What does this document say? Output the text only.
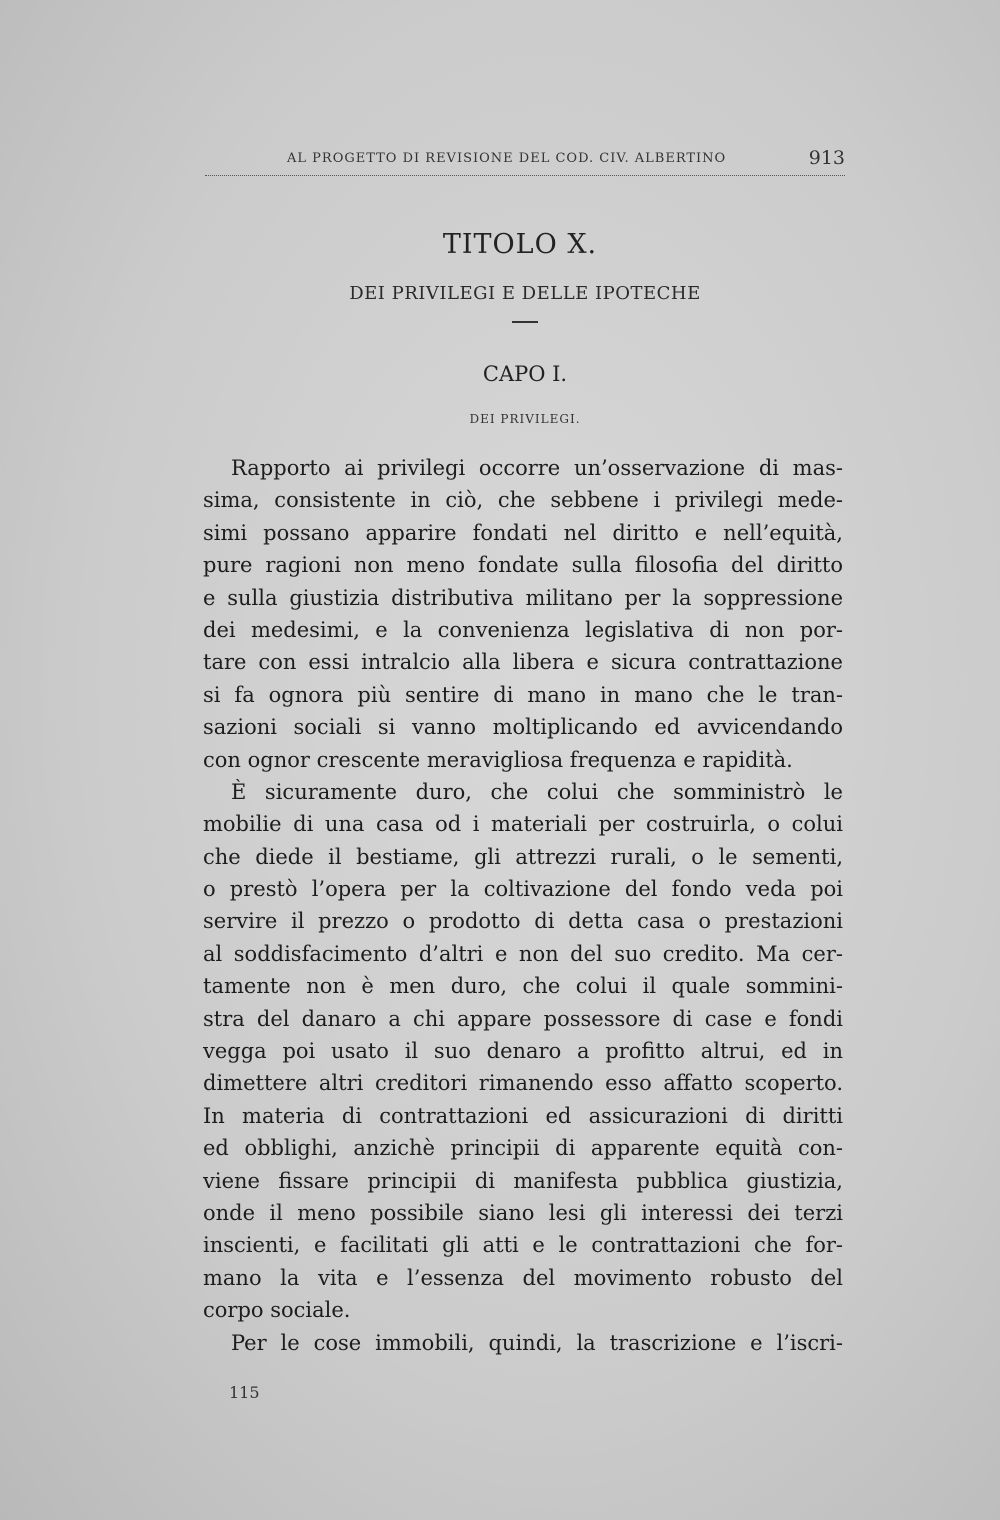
AL PROGETTO DI REVISIONE DEL COD. CIV. ALBERTINO	913
TITOLO X.
DEI PRIVILEGI E DELLE IPOTECHE
CAPO I.
DEI PRIVILEGI.
Rapporto ai privilegi occorre un’osservazione di mas-
sima, consistente in ciò, che sebbene i privilegi mede-
simi possano apparire fondati nel diritto e nell’equità,
pure ragioni non meno fondate sulla filosofia del diritto
e sulla giustizia distributiva militano per la soppressione
dei medesimi, e la convenienza legislativa di non por-
tare con essi intralcio alla libera e sicura contrattazione
si fa ognora più sentire di mano in mano che le tran-
sazioni sociali si vanno moltiplicando ed avvicendando
con ognor crescente meravigliosa frequenza e rapidità.
È sicuramente duro, che colui che somministrò le
mobilie di una casa od i materiali per costruirla, o colui
che diede il bestiame, gli attrezzi rurali, o le sementi,
o prestò l’opera per la coltivazione del fondo veda poi
servire il prezzo o prodotto di detta casa o prestazioni
al soddisfacimento d’altri e non del suo credito. Ma cer-
tamente non è men duro, che colui il quale sommini-
stra del danaro a chi appare possessore di case e fondi
vegga poi usato il suo denaro a profitto altrui, ed in
dimettere altri creditori rimanendo esso affatto scoperto.
In materia di contrattazioni ed assicurazioni di diritti
ed obblighi, anzichè principii di apparente equità con-
viene fissare principii di manifesta pubblica giustizia,
onde il meno possibile siano lesi gli interessi dei terzi
inscienti, e facilitati gli atti e le contrattazioni che for-
mano la vita e l’essenza del movimento robusto del
corpo sociale.
Per le cose immobili, quindi, la trascrizione e l’iscri-
115
